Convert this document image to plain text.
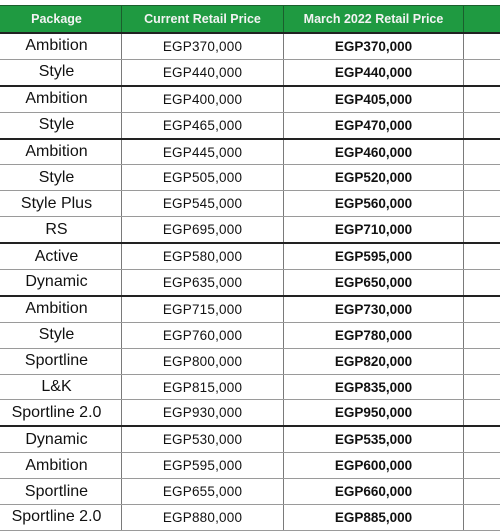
Package	Current Retail Price	March 2022 Retail Price	
Ambition	EGP370,000	EGP370,000	
Style	EGP440,000	EGP440,000	
Ambition	EGP400,000	EGP405,000	
Style	EGP465,000	EGP470,000	
Ambition	EGP445,000	EGP460,000	
Style	EGP505,000	EGP520,000	
Style Plus	EGP545,000	EGP560,000	
RS	EGP695,000	EGP710,000	
Active	EGP580,000	EGP595,000	
Dynamic	EGP635,000	EGP650,000	
Ambition	EGP715,000	EGP730,000	
Style	EGP760,000	EGP780,000	
Sportline	EGP800,000	EGP820,000	
L&K	EGP815,000	EGP835,000	
Sportline 2.0	EGP930,000	EGP950,000	
Dynamic	EGP530,000	EGP535,000	
Ambition	EGP595,000	EGP600,000	
Sportline	EGP655,000	EGP660,000	
Sportline 2.0	EGP880,000	EGP885,000	
